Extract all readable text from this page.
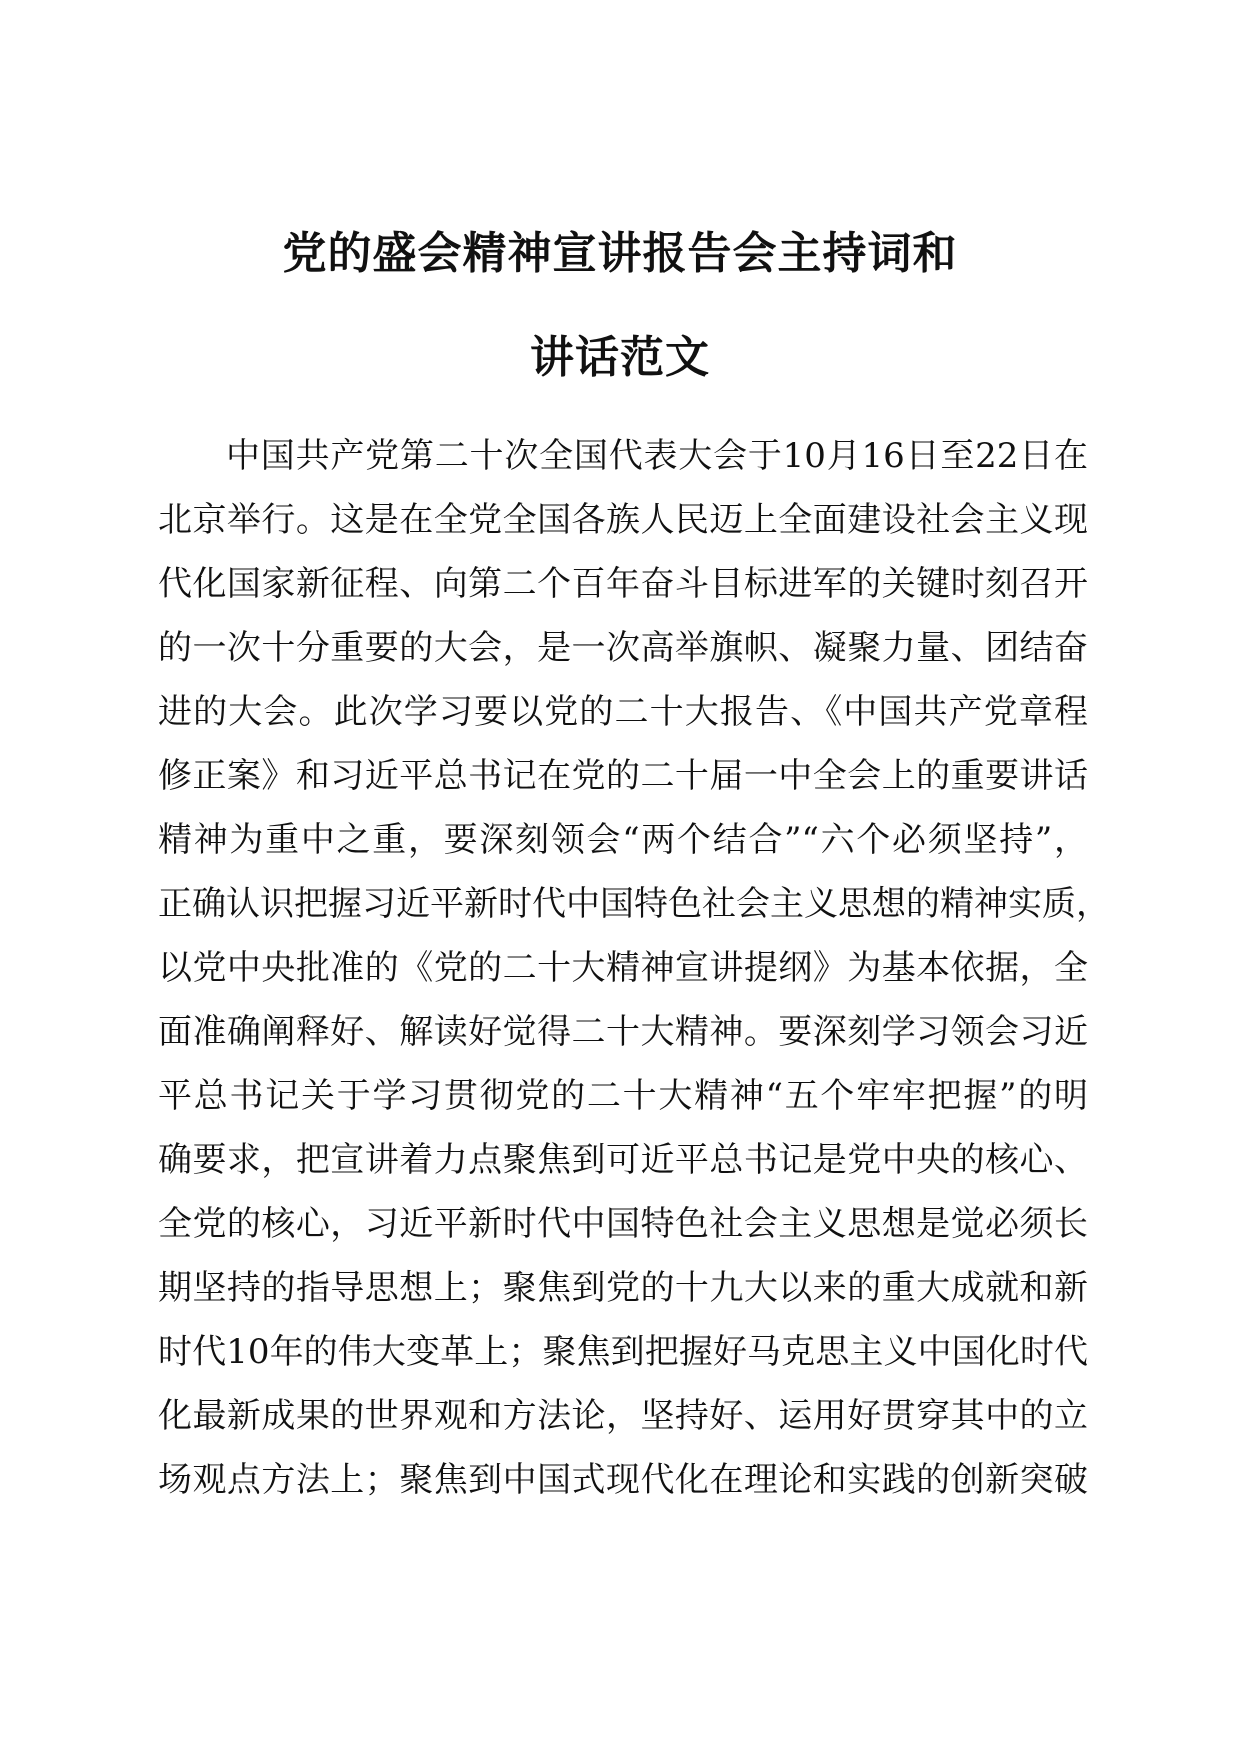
党的盛会精神宣讲报告会主持词和
讲话范文
中国共产党第二十次全国代表大会于10月16日至22日在
北京举行。这是在全党全国各族人民迈上全面建设社会主义现
代化国家新征程、向第二个百年奋斗目标进军的关键时刻召开
的一次十分重要的大会，是一次高举旗帜、凝聚力量、团结奋
进的大会。此次学习要以党的二十大报告、《中国共产党章程
修正案》和习近平总书记在党的二十届一中全会上的重要讲话
精神为重中之重，要深刻领会“两个结合”“六个必须坚持”，
正确认识把握习近平新时代中国特色社会主义思想的精神实质，
以党中央批准的《党的二十大精神宣讲提纲》为基本依据，全
面准确阐释好、解读好觉得二十大精神。要深刻学习领会习近
平总书记关于学习贯彻党的二十大精神“五个牢牢把握”的明
确要求，把宣讲着力点聚焦到可近平总书记是党中央的核心、
全党的核心，习近平新时代中国特色社会主义思想是觉必须长
期坚持的指导思想上；聚焦到党的十九大以来的重大成就和新
时代10年的伟大变革上；聚焦到把握好马克思主义中国化时代
化最新成果的世界观和方法论，坚持好、运用好贯穿其中的立
场观点方法上；聚焦到中国式现代化在理论和实践的创新突破
